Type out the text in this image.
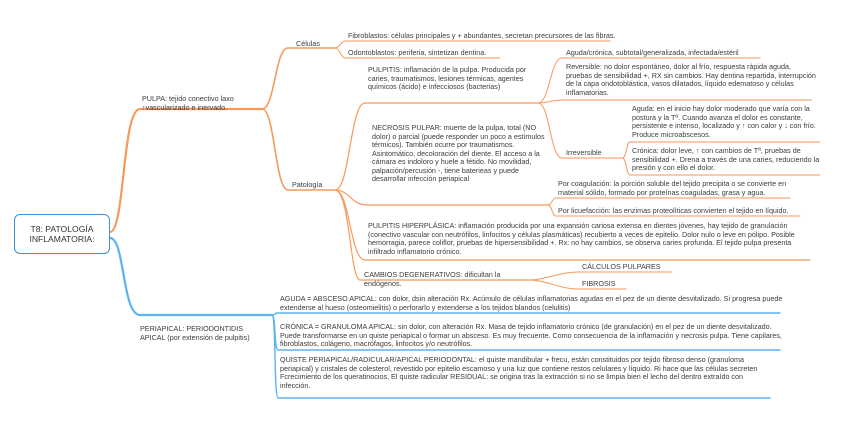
T8: PATOLOGÍA
INFLAMATORIA:
PULPA: tejido conectivo laxo ↑vascularizado e inervado.
Células
Fibroblastos: células principales y + abundantes, secretan precursores de las fibras.
Odontoblastos: periferia, sintetizan dentina.
Patología
PULPITIS: inflamación de la pulpa. Producida por caries, traumatismos, lesiones térmicas, agentes químicos (ácido) e infecciosos (bacterias)
Aguda/crónica, subtotal/generalizada, infectada/estéril
Reversible: no dolor espontáneo, dolor al frío, respuesta rápida aguda, pruebas de sensibilidad +, RX sin cambios. Hay dentina repartida, interrupción de la capa ondotoblástica, vasos dilatados, líquido edematoso y células inflamatorias.
Irreversible
Aguda: en el inicio hay dolor moderado que varía con la postura y la Tª. Cuando avanza el dolor es constante, persistente e intenso, localizado y ↑ con calor y ↓ con frío. Produce microabscesos.
Crónica: dolor leve, ↑ con cambios de Tª, pruebas de sensibilidad +. Drena a través de una caries, reduciendo la presión y con ello el dolor.
NECROSIS PULPAR: muerte de la pulpa, total (NO dolor) o parcial (puede responder un poco a estímulos térmicos). También ocurre por traumatismos. Asintomático, decoloración del diente. El acceso a la cámara es indoloro y huele a fétido. No movilidad, palpación/percusión -, tiene baterieas y puede desarrollar infección periapical
Por coagulación: la porción soluble del tejido precipita o se convierte en material sólido, formado por proteínas coaguladas, grasa y agua.
Por licuefacción: las enzimas proteolíticas convierten el tejido en líquido.
PULPITIS HIPERPLÁSICA: inflamación producida por una expansión cariosa extensa en dientes jóvenes, hay tejido de granulación (conectivo vascular con neutrófilos, linfocitos y células plasmáticas) recubierto a veces de epitelio. Dolor nulo o leve en pólipo. Posible hemorragia, parece coliflor, pruebas de hipersensibilidad +. Rx: no hay cambios, se observa caries profunda. El tejido pulpa presenta infiltrado inflamatorio crónico.
CAMBIOS DEGENERATIVOS: dificultan la endógenos.
CÁLCULOS PULPARES
FIBROSIS
PERIAPICAL: PERIODONTIDIS APICAL (por extensión de pulpitis)
AGUDA = ABSCESO APICAL: con dolor, dsin alteración Rx. Acúmulo de células inflamatorias agudas en el pez de un diente desvitalizado. Si progresa puede extenderse al hueso (osteomielitis) o perforarlo y extenderse a los tejidos blandos (celulitis)
CRÓNICA = GRANULOMA APICAL: sin dolor, con alteración Rx. Masa de tejido inflamatorio crónico (de granulación) en el pez de un diente desvitalizado. Puede transformarse en un quiste periapical o formar un absceso. Es muy frecuente. Como consecuencia de la inflamación y necrosis pulpa. Tiene capilares, fibroblastos, colágeno, macrófagos, linfocitos y/o neutrófilos.
QUISTE PERIAPICAL/RADICULAR/APICAL PERIODONTAL: el quiste mandibular + frecu, están constituidos por tejido fibroso denso (granuloma periapical) y cristales de colesterol, revestido por epitelio escamoso y una luz que contiene restos celulares y líquido. Ri hace que las células secreten Fcrecimiento de los queratinocios, El quiste radicular RESIDUAL: se origina tras la extracción si no se limpia bien el lecho del dentro extraído con infección.
